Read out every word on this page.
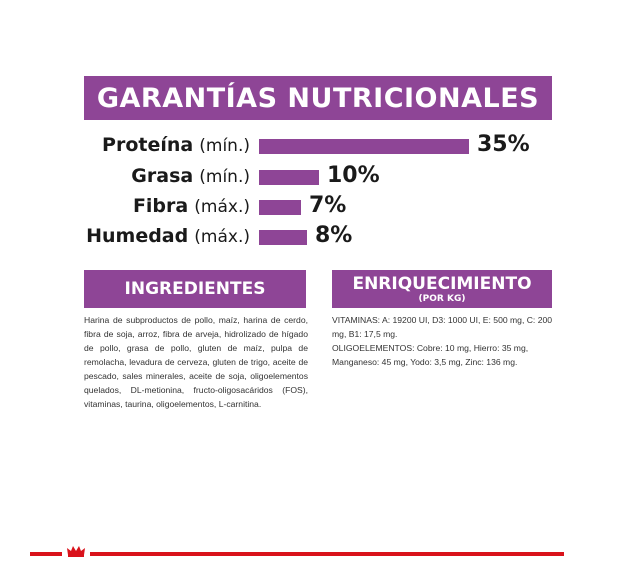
GARANTÍAS NUTRICIONALES
Proteína (mín.)	35%
Grasa (mín.)	10%
Fibra (máx.)	7%
Humedad (máx.)	8%
INGREDIENTES

Harina de subproductos de pollo, maíz, harina de cerdo, fibra de soja, arroz, fibra de arveja, hidrolizado de hígado de pollo, grasa de pollo, gluten de maíz, pulpa de remolacha, levadura de cerveza, gluten de trigo, aceite de pescado, sales minerales, aceite de soja, oligoelementos quelados, DL-metionina, fructo-oligosacáridos (FOS), vitaminas, taurina, oligoelementos, L-carnitina.

ENRIQUECIMIENTO
(POR KG)

VITAMINAS: A: 19200 UI, D3: 1000 UI, E: 500 mg, C: 200 mg, B1: 17,5 mg.

OLIGOELEMENTOS: Cobre: 10 mg, Hierro: 35 mg, Manganeso: 45 mg, Yodo: 3,5 mg, Zinc: 136 mg.
